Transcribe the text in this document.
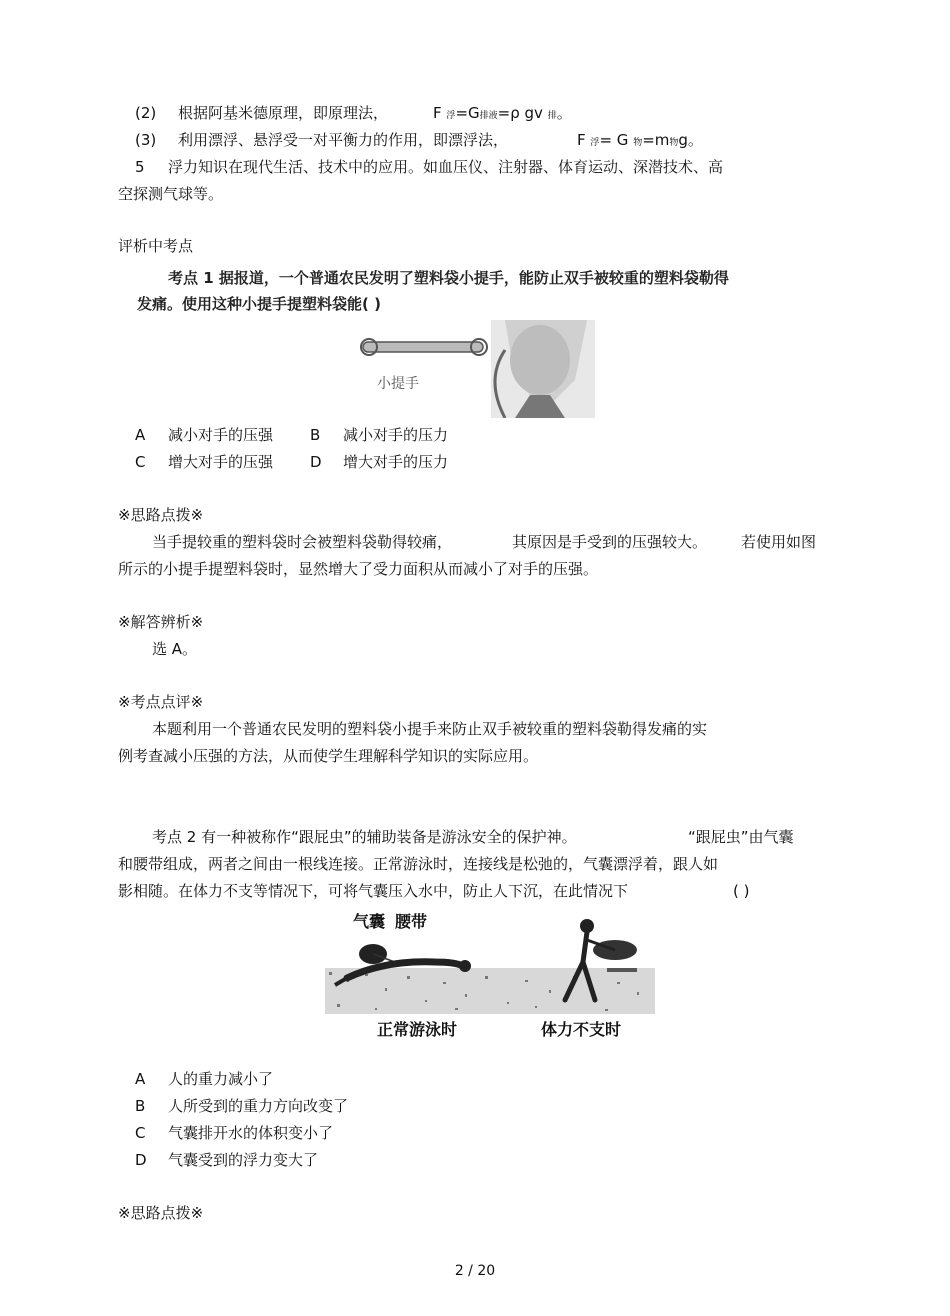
(2) 根据阿基米德原理，即原理法，	F 浮=G排液=ρ gv 排。
(3) 利用漂浮、悬浮受一对平衡力的作用，即漂浮法，	F 浮= G 物=m物g。
5 浮力知识在现代生活、技术中的应用。如血压仪、注射器、体育运动、深潜技术、高
空探测气球等。
评析中考点
考点 1 据报道，一个普通农民发明了塑料袋小提手，能防止双手被较重的塑料袋勒得
发痛。使用这种小提手提塑料袋能( )
小提手
A 减小对手的压强 B 减小对手的压力
C 增大对手的压强 D 增大对手的压力
※思路点拨※
当手提较重的塑料袋时会被塑料袋勒得较痛，	其原因是手受到的压强较大。 若使用如图
所示的小提手提塑料袋时，显然增大了受力面积从而减小了对手的压强。
※解答辨析※
选 A。
※考点点评※
本题利用一个普通农民发明的塑料袋小提手来防止双手被较重的塑料袋勒得发痛的实
例考查减小压强的方法，从而使学生理解科学知识的实际应用。
考点 2 有一种被称作“跟屁虫”的辅助装备是游泳安全的保护神。	“跟屁虫”由气囊
和腰带组成，两者之间由一根线连接。正常游泳时，连接线是松弛的，气囊漂浮着，跟人如
影相随。在体力不支等情况下，可将气囊压入水中，防止人下沉，在此情况下	( )
气囊 腰带
正常游泳时	体力不支时
A 人的重力减小了
B 人所受到的重力方向改变了
C 气囊排开水的体积变小了
D 气囊受到的浮力变大了
※思路点拨※
2 / 20
